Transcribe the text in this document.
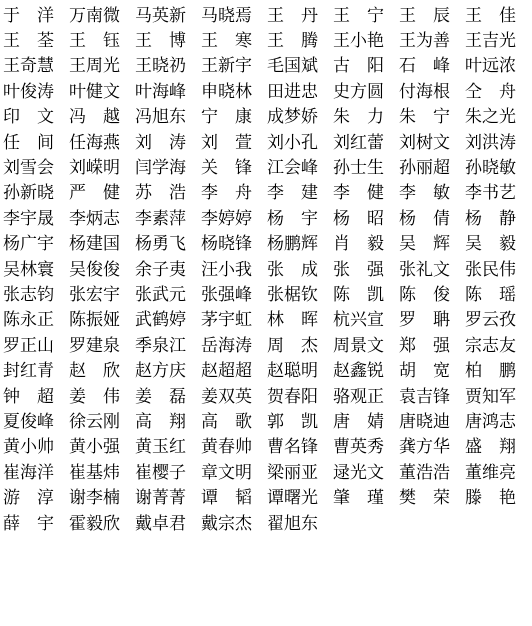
于　洋 万南微 马英新 马晓焉 王　丹 王　宁 王　辰 王　佳
王　荃 王　钰 王　博 王　寒 王　腾 王小艳 王为善 王吉光
王奇慧 王周光 王晓礽 王新宇 毛国斌 古　阳 石　峰 叶远浓
叶俊涛 叶健文 叶海峰 申晓林 田进忠 史方圆 付海根 仝　舟
印　文 冯　越 冯旭东 宁　康 成梦娇 朱　力 朱　宁 朱之光
任　间 任海燕 刘　涛 刘　萱 刘小孔 刘红蕾 刘树文 刘洪涛
刘雪会 刘嵘明 闫学海 关　锋 江会峰 孙士生 孙丽超 孙晓敏
孙新晓 严　健 苏　浩 李　舟 李　建 李　健 李　敏 李书艺
李宇晟 李炳志 李素萍 李婷婷 杨　宇 杨　昭 杨　倩 杨　静
杨广宇 杨建国 杨勇飞 杨晓锋 杨鹏辉 肖　毅 吴　辉 吴　毅
吴林寰 吴俊俊 余子夷 汪小我 张　成 张　强 张礼文 张民伟
张志钧 张宏宇 张武元 张强峰 张椐钦 陈　凯 陈　俊 陈　瑶
陈永正 陈振娅 武鹤婷 茅宇虹 林　晖 杭兴宣 罗　聃 罗云孜
罗正山 罗建泉 季泉江 岳海涛 周　杰 周景文 郑　强 宗志友
封红青 赵　欣 赵方庆 赵超超 赵聪明 赵鑫锐 胡　宽 柏　鹏
钟　超 姜　伟 姜　磊 姜双英 贺春阳 骆观正 袁吉锋 贾知军
夏俊峰 徐云刚 高　翔 高　歌 郭　凯 唐　婧 唐晓迪 唐鸿志
黄小帅 黄小强 黄玉红 黄春帅 曹名锋 曹英秀 龚方华 盛　翔
崔海洋 崔基炜 崔樱子 章文明 梁丽亚 逯光文 董浩浩 董维亮
游　淳 谢李楠 谢菁菁 谭　韬 谭曙光 肇　瑾 樊　荣 滕　艳
薛　宇 霍毅欣 戴卓君 戴宗杰 翟旭东
